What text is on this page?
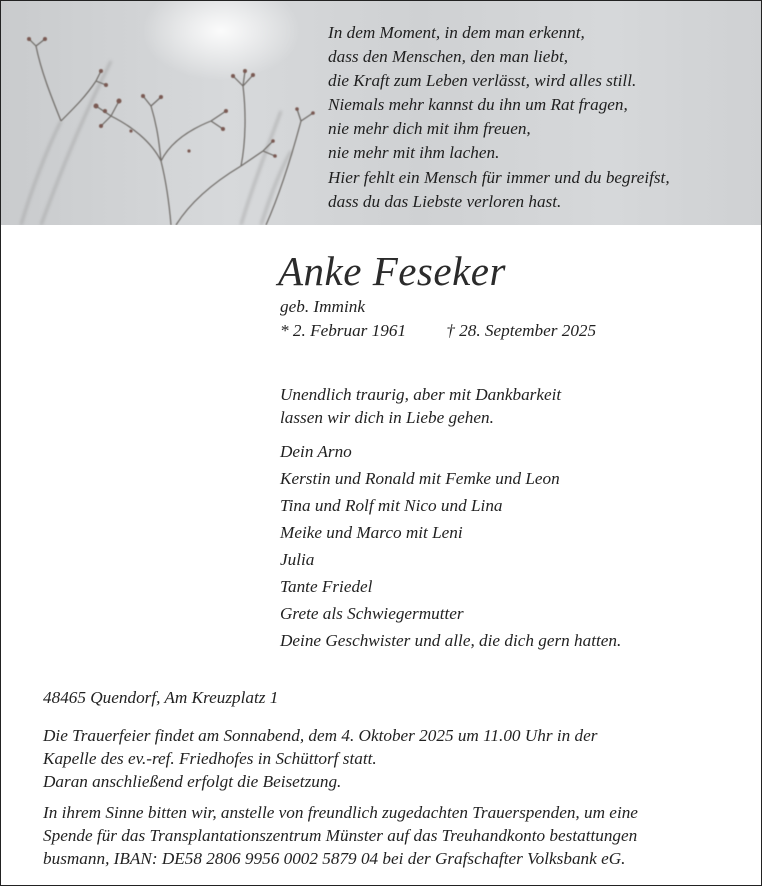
In dem Moment, in dem man erkennt,
dass den Menschen, den man liebt,
die Kraft zum Leben verlässt, wird alles still.
Niemals mehr kannst du ihn um Rat fragen,
nie mehr dich mit ihm freuen,
nie mehr mit ihm lachen.
Hier fehlt ein Mensch für immer und du begreifst,
dass du das Liebste verloren hast.
Anke Feseker
geb. Immink
* 2. Februar 1961 † 28. September 2025
Unendlich traurig, aber mit Dankbarkeit
lassen wir dich in Liebe gehen.
Dein Arno
Kerstin und Ronald mit Femke und Leon
Tina und Rolf mit Nico und Lina
Meike und Marco mit Leni
Julia
Tante Friedel
Grete als Schwiegermutter
Deine Geschwister und alle, die dich gern hatten.
48465 Quendorf, Am Kreuzplatz 1
Die Trauerfeier findet am Sonnabend, dem 4. Oktober 2025 um 11.00 Uhr in der
Kapelle des ev.-ref. Friedhofes in Schüttorf statt.
Daran anschließend erfolgt die Beisetzung.
In ihrem Sinne bitten wir, anstelle von freundlich zugedachten Trauerspenden, um eine
Spende für das Transplantationszentrum Münster auf das Treuhandkonto bestattungen
busmann, IBAN: DE58 2806 9956 0002 5879 04 bei der Grafschafter Volksbank eG.
